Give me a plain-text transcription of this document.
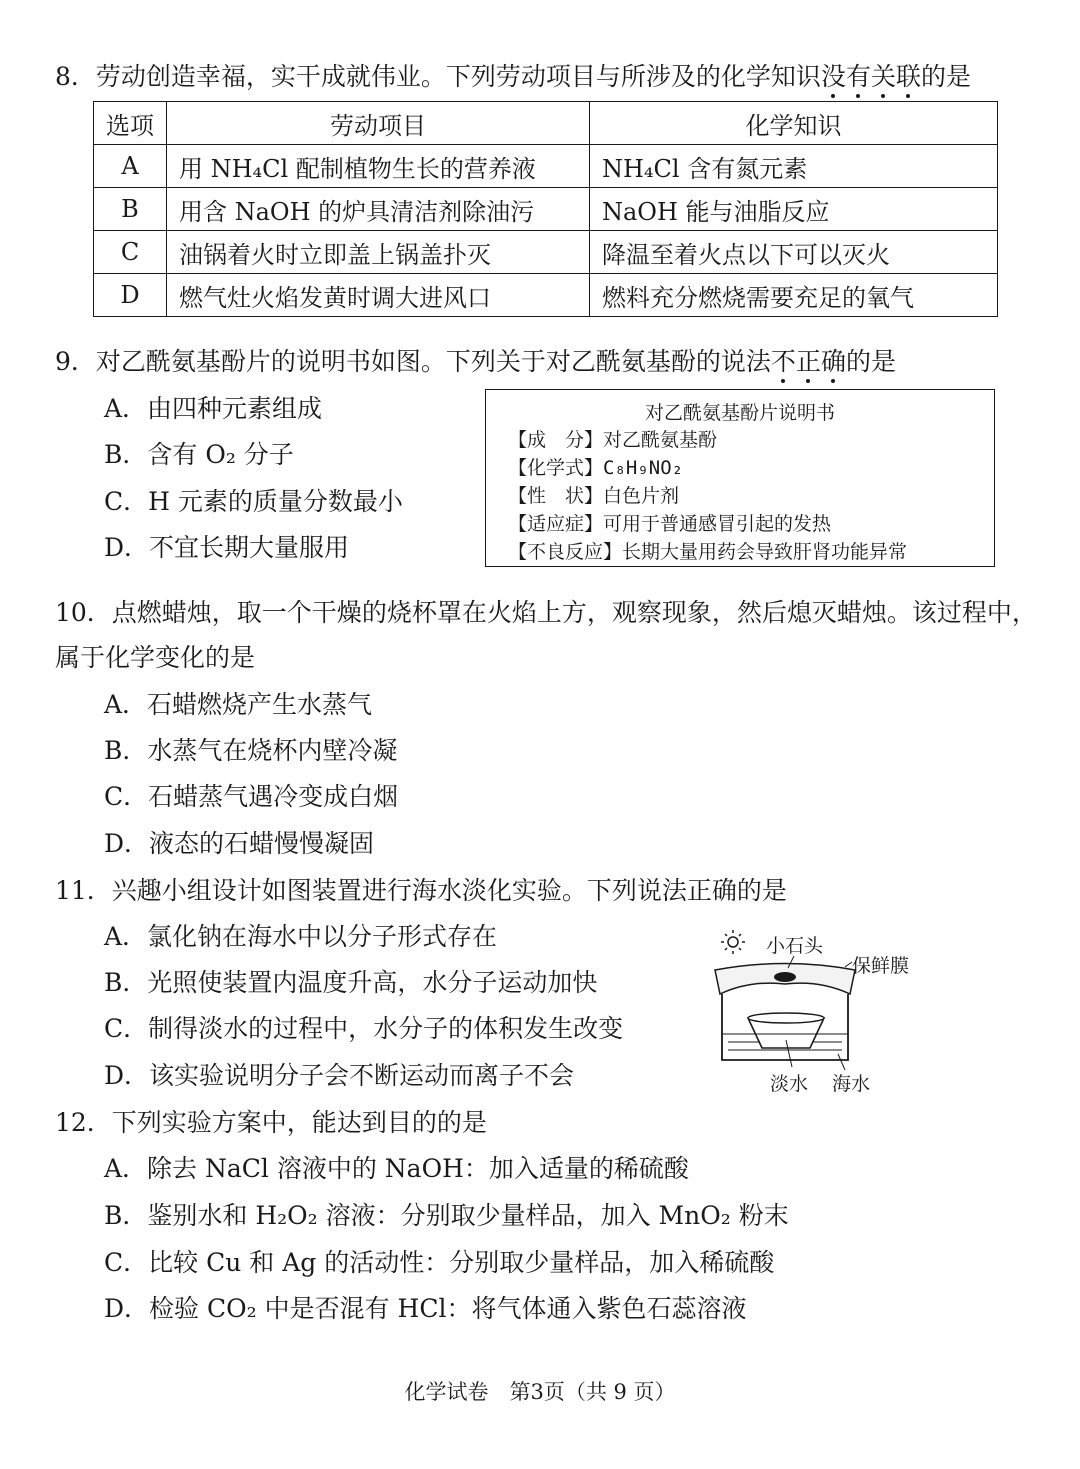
8．劳动创造幸福，实干成就伟业。下列劳动项目与所涉及的化学知识没有关联的是
选项	劳动项目	化学知识
A	用 NH₄Cl 配制植物生长的营养液	NH₄Cl 含有氮元素
B	用含 NaOH 的炉具清洁剂除油污	NaOH 能与油脂反应
C	油锅着火时立即盖上锅盖扑灭	降温至着火点以下可以灭火
D	燃气灶火焰发黄时调大进风口	燃料充分燃烧需要充足的氧气
9．对乙酰氨基酚片的说明书如图。下列关于对乙酰氨基酚的说法不正确的是
A．由四种元素组成
B．含有 O₂ 分子
C．H 元素的质量分数最小
D．不宜长期大量服用
对乙酰氨基酚片说明书
【成　分】对乙酰氨基酚
【化学式】C₈H₉NO₂
【性　状】白色片剂
【适应症】可用于普通感冒引起的发热
【不良反应】长期大量用药会导致肝肾功能异常
10．点燃蜡烛，取一个干燥的烧杯罩在火焰上方，观察现象，然后熄灭蜡烛。该过程中，
属于化学变化的是
A．石蜡燃烧产生水蒸气
B．水蒸气在烧杯内壁冷凝
C．石蜡蒸气遇冷变成白烟
D．液态的石蜡慢慢凝固
11．兴趣小组设计如图装置进行海水淡化实验。下列说法正确的是
A．氯化钠在海水中以分子形式存在
B．光照使装置内温度升高，水分子运动加快
C．制得淡水的过程中，水分子的体积发生改变
D．该实验说明分子会不断运动而离子不会
小石头
保鲜膜
淡水 海水
12．下列实验方案中，能达到目的的是
A．除去 NaCl 溶液中的 NaOH：加入适量的稀硫酸
B．鉴别水和 H₂O₂ 溶液：分别取少量样品，加入 MnO₂ 粉末
C．比较 Cu 和 Ag 的活动性：分别取少量样品，加入稀硫酸
D．检验 CO₂ 中是否混有 HCl：将气体通入紫色石蕊溶液
化学试卷　第3页（共 9 页）
